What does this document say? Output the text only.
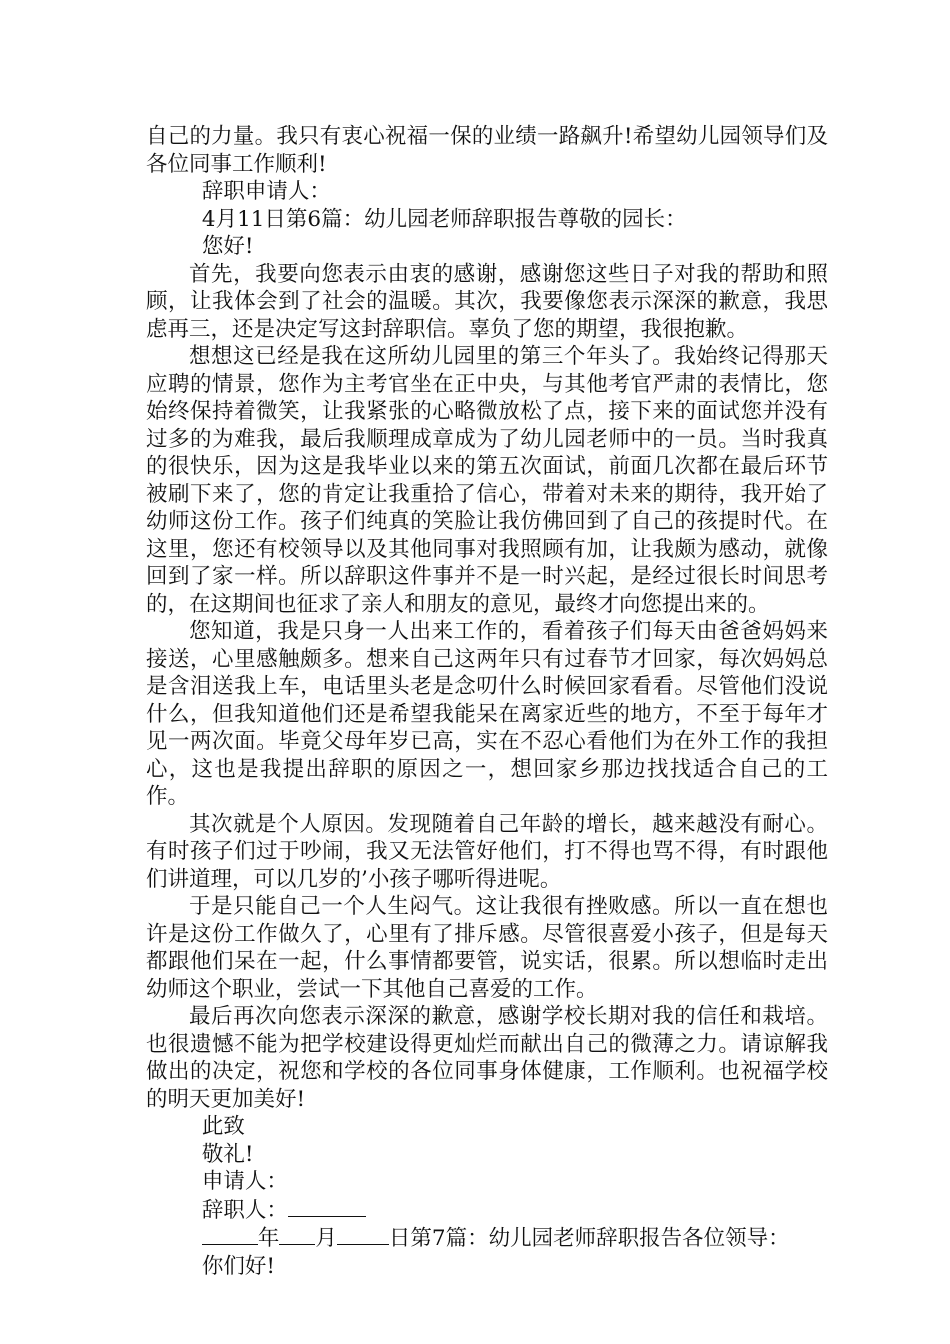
自己的力量。我只有衷心祝福一保的业绩一路飙升!希望幼儿园领导们及各位同事工作顺利!

辞职申请人：

4月11日第6篇：幼儿园老师辞职报告尊敬的园长：

您好!

首先，我要向您表示由衷的感谢，感谢您这些日子对我的帮助和照顾，让我体会到了社会的温暖。其次，我要像您表示深深的歉意，我思虑再三，还是决定写这封辞职信。辜负了您的期望，我很抱歉。

想想这已经是我在这所幼儿园里的第三个年头了。我始终记得那天应聘的情景，您作为主考官坐在正中央，与其他考官严肃的表情比，您始终保持着微笑，让我紧张的心略微放松了点，接下来的面试您并没有过多的为难我，最后我顺理成章成为了幼儿园老师中的一员。当时我真的很快乐，因为这是我毕业以来的第五次面试，前面几次都在最后环节被刷下来了，您的肯定让我重拾了信心，带着对未来的期待，我开始了幼师这份工作。孩子们纯真的笑脸让我仿佛回到了自己的孩提时代。在这里，您还有校领导以及其他同事对我照顾有加，让我颇为感动，就像回到了家一样。所以辞职这件事并不是一时兴起，是经过很长时间思考的，在这期间也征求了亲人和朋友的意见，最终才向您提出来的。

您知道，我是只身一人出来工作的，看着孩子们每天由爸爸妈妈来接送，心里感触颇多。想来自己这两年只有过春节才回家，每次妈妈总是含泪送我上车，电话里头老是念叨什么时候回家看看。尽管他们没说什么，但我知道他们还是希望我能呆在离家近些的地方，不至于每年才见一两次面。毕竟父母年岁已高，实在不忍心看他们为在外工作的我担心，这也是我提出辞职的原因之一，想回家乡那边找找适合自己的工作。

其次就是个人原因。发现随着自己年龄的增长，越来越没有耐心。有时孩子们过于吵闹，我又无法管好他们，打不得也骂不得，有时跟他们讲道理，可以几岁的’小孩子哪听得进呢。

于是只能自己一个人生闷气。这让我很有挫败感。所以一直在想也许是这份工作做久了，心里有了排斥感。尽管很喜爱小孩子，但是每天都跟他们呆在一起，什么事情都要管，说实话，很累。所以想临时走出幼师这个职业，尝试一下其他自己喜爱的工作。

最后再次向您表示深深的歉意，感谢学校长期对我的信任和栽培。也很遗憾不能为把学校建设得更灿烂而献出自己的微薄之力。请谅解我做出的决定，祝您和学校的各位同事身体健康，工作顺利。也祝福学校的明天更加美好!

此致

敬礼!

申请人：

辞职人：

年 月 日第7篇：幼儿园老师辞职报告各位领导：

你们好!
